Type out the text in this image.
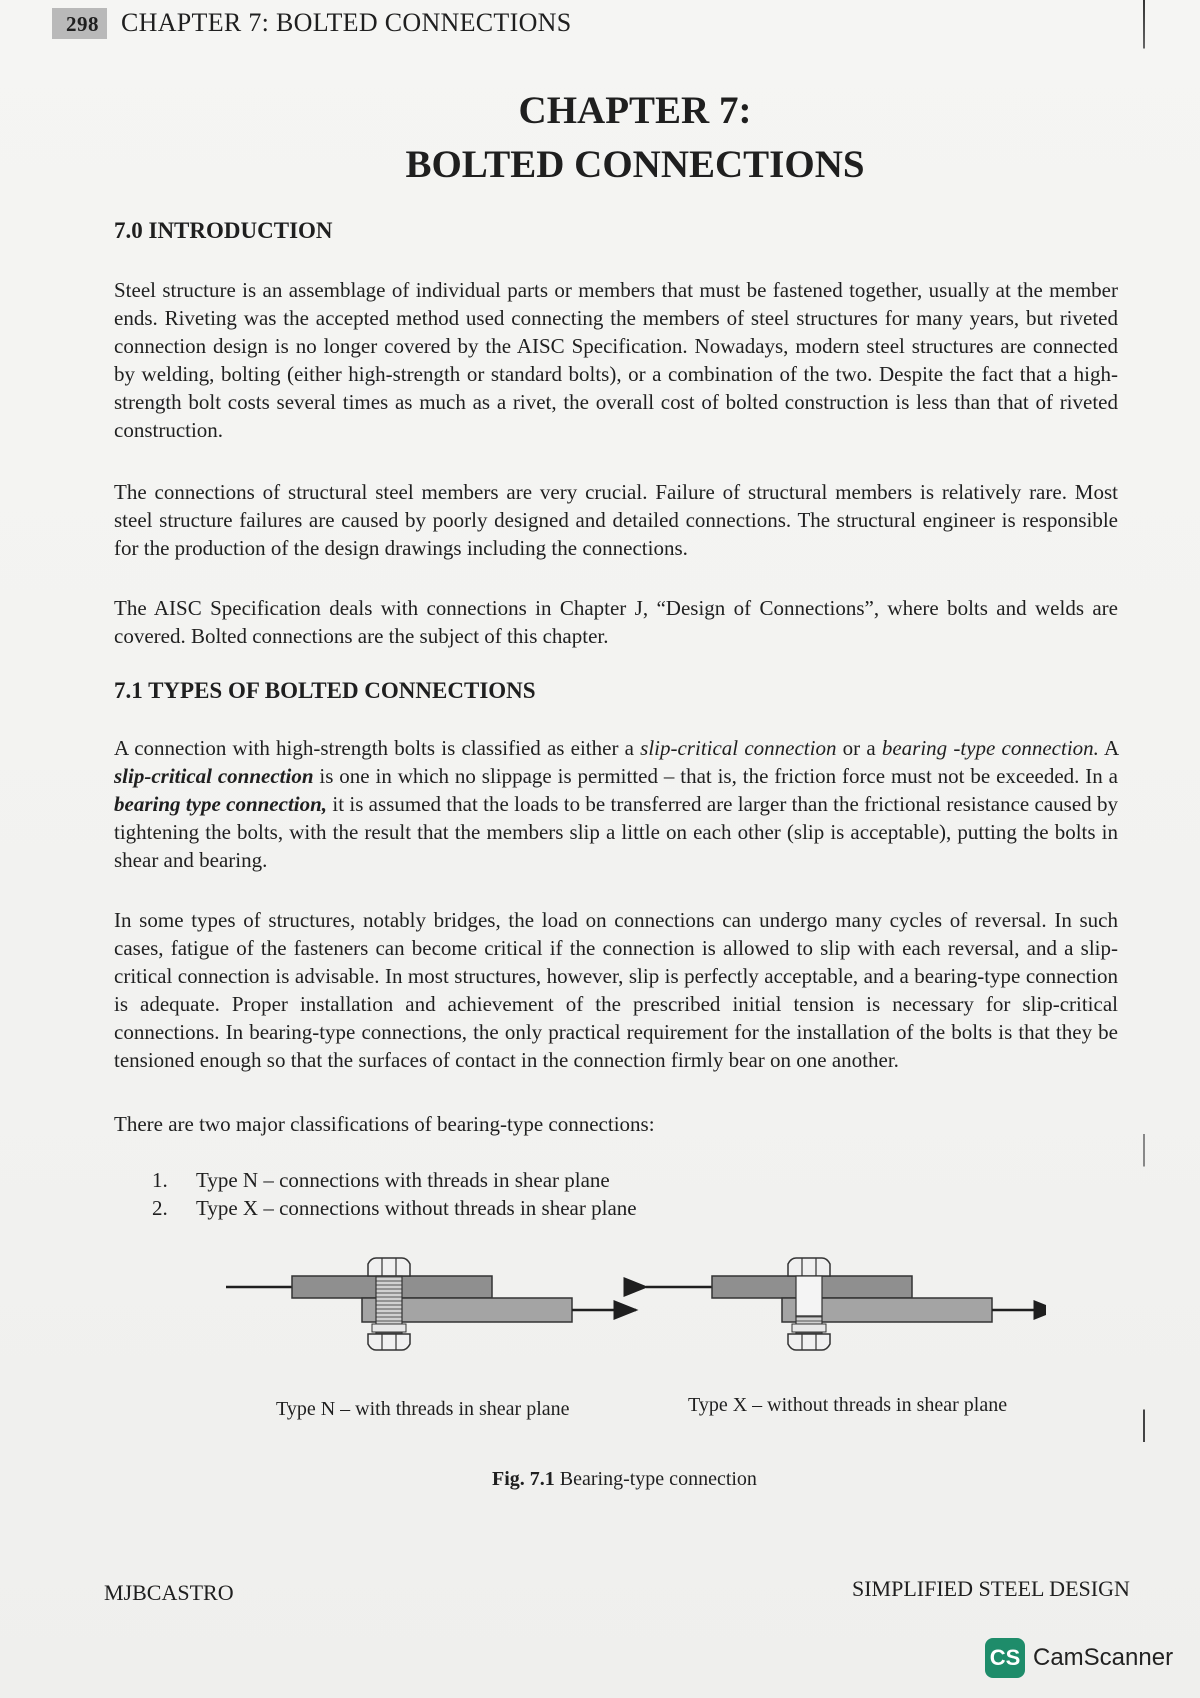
298 CHAPTER 7: BOLTED CONNECTIONS
CHAPTER 7:
BOLTED CONNECTIONS
7.0 INTRODUCTION
Steel structure is an assemblage of individual parts or members that must be fastened together, usually at the member ends. Riveting was the accepted method used connecting the members of steel structures for many years, but riveted connection design is no longer covered by the AISC Specification. Nowadays, modern steel structures are connected by welding, bolting (either high-strength or standard bolts), or a combination of the two. Despite the fact that a high-strength bolt costs several times as much as a rivet, the overall cost of bolted construction is less than that of riveted construction.
The connections of structural steel members are very crucial. Failure of structural members is relatively rare. Most steel structure failures are caused by poorly designed and detailed connections. The structural engineer is responsible for the production of the design drawings including the connections.
The AISC Specification deals with connections in Chapter J, “Design of Connections”, where bolts and welds are covered. Bolted connections are the subject of this chapter.
7.1 TYPES OF BOLTED CONNECTIONS
A connection with high-strength bolts is classified as either a slip-critical connection or a bearing -type connection. A slip-critical connection is one in which no slippage is permitted – that is, the friction force must not be exceeded. In a bearing type connection, it is assumed that the loads to be transferred are larger than the frictional resistance caused by tightening the bolts, with the result that the members slip a little on each other (slip is acceptable), putting the bolts in shear and bearing.
In some types of structures, notably bridges, the load on connections can undergo many cycles of reversal. In such cases, fatigue of the fasteners can become critical if the connection is allowed to slip with each reversal, and a slip-critical connection is advisable. In most structures, however, slip is perfectly acceptable, and a bearing-type connection is adequate. Proper installation and achievement of the prescribed initial tension is necessary for slip-critical connections. In bearing-type connections, the only practical requirement for the installation of the bolts is that they be tensioned enough so that the surfaces of contact in the connection firmly bear on one another.
There are two major classifications of bearing-type connections:
1. Type N – connections with threads in shear plane
2. Type X – connections without threads in shear plane
Type N – with threads in shear plane	Type X – without threads in shear plane
Fig. 7.1 Bearing-type connection
MJBCASTRO	SIMPLIFIED STEEL DESIGN
CS CamScanner
